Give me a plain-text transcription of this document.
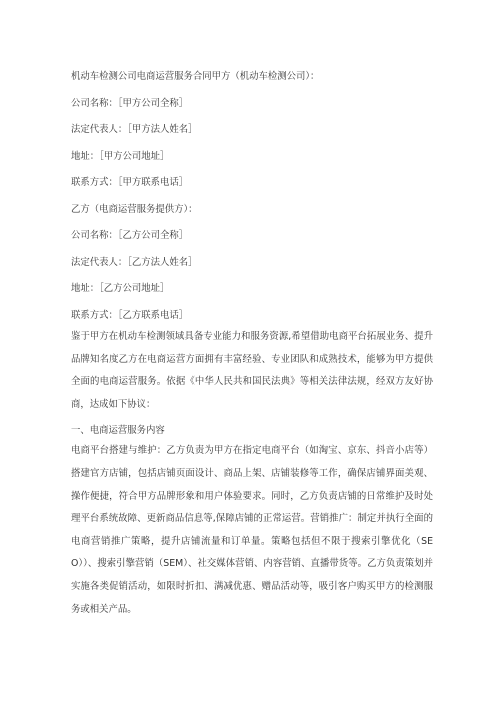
机动车检测公司电商运营服务合同甲方（机动车检测公司）：
公司名称：［甲方公司全称］
法定代表人：［甲方法人姓名］
地址：［甲方公司地址］
联系方式：［甲方联系电话］
乙方（电商运营服务提供方）：
公司名称：［乙方公司全称］
法定代表人：［乙方法人姓名］
地址：［乙方公司地址］
联系方式：［乙方联系电话］

鉴于甲方在机动车检测领域具备专业能力和服务资源,希望借助电商平台拓展业务、提升品牌知名度乙方在电商运营方面拥有丰富经验、专业团队和成熟技术，能够为甲方提供全面的电商运营服务。依据《中华人民共和国民法典》等相关法律法规，经双方友好协商，达成如下协议：

一、电商运营服务内容

电商平台搭建与维护：乙方负责为甲方在指定电商平台（如淘宝、京东、抖音小店等）搭建官方店铺，包括店铺页面设计、商品上架、店铺装修等工作，确保店铺界面美观、操作便捷，符合甲方品牌形象和用户体验要求。同时，乙方负责店铺的日常维护及时处理平台系统故障、更新商品信息等,保障店铺的正常运营。营销推广：制定并执行全面的电商营销推广策略，提升店铺流量和订单量。策略包括但不限于搜索引擎优化（SEO））、搜索引擎营销（SEM）、社交媒体营销、内容营销、直播带货等。乙方负责策划并实施各类促销活动，如限时折扣、满减优惠、赠品活动等，吸引客户购买甲方的检测服务或相关产品。
